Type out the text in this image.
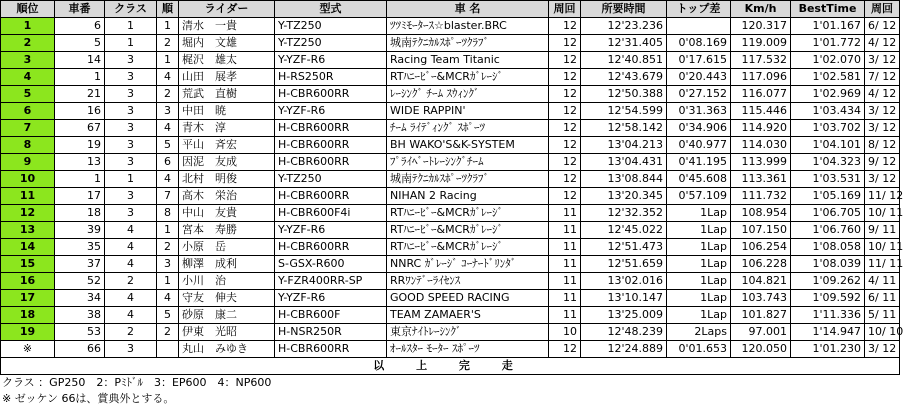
順位	車番	クラス	順	ライダー	型式	車 名	周回	所要時間	トップ差	Km/h	BestTime	周回
1	6	1	1	清水　一貴	Y-TZ250	ﾂﾂﾐﾓｰﾀｰｽ☆blaster.BRC	12	12'23.236		120.317	1'01.167	6/ 12
2	5	1	2	堀内　文雄	Y-TZ250	城南ﾃｸﾆｶﾙｽﾎﾟｰﾂｸﾗﾌﾞ	12	12'31.405	0'08.169	119.009	1'01.772	4/ 12
3	14	3	1	梶沢　雄太	Y-YZF-R6	Racing Team Titanic	12	12'40.851	0'17.615	117.532	1'02.070	3/ 12
4	1	3	4	山田　展孝	H-RS250R	RTﾊﾆｰﾋﾞｰ&MCRｶﾞﾚｰｼﾞ	12	12'43.679	0'20.443	117.096	1'02.581	7/ 12
5	21	3	2	荒武　直樹	H-CBR600RR	ﾚｰｼﾝｸﾞ ﾁｰﾑ ｽｳｨﾝｸﾞ	12	12'50.388	0'27.152	116.077	1'02.969	4/ 12
6	16	3	3	中田　暁	Y-YZF-R6	WIDE RAPPIN'	12	12'54.599	0'31.363	115.446	1'03.434	3/ 12
7	67	3	4	青木　淳	H-CBR600RR	ﾁｰﾑ ﾗｲﾃﾞｨﾝｸﾞ ｽﾎﾟｰﾂ	12	12'58.142	0'34.906	114.920	1'03.702	3/ 12
8	19	3	5	平山　斉宏	H-CBR600RR	BH WAKO'S&K-SYSTEM	12	13'04.213	0'40.977	114.030	1'04.101	8/ 12
9	13	3	6	因泥　友成	H-CBR600RR	ﾌﾟﾗｲﾍﾞｰﾄﾚｰｼﾝｸﾞﾁｰﾑ	12	13'04.431	0'41.195	113.999	1'04.323	9/ 12
10	1	1	4	北村　明俊	Y-TZ250	城南ﾃｸﾆｶﾙｽﾎﾟｰﾂｸﾗﾌﾞ	12	13'08.844	0'45.608	113.361	1'03.531	3/ 12
11	17	3	7	高木　栄治	H-CBR600RR	NIHAN 2 Racing	12	13'20.345	0'57.109	111.732	1'05.169	11/ 12
12	18	3	8	中山　友貴	H-CBR600F4i	RTﾊﾆｰﾋﾞｰ&MCRｶﾞﾚｰｼﾞ	11	12'32.352	1Lap	108.954	1'06.705	10/ 11
13	39	4	1	宮本　寿勝	Y-YZF-R6	RTﾊﾆｰﾋﾞｰ&MCRｶﾞﾚｰｼﾞ	11	12'45.022	1Lap	107.150	1'06.760	9/ 11
14	35	4	2	小原　岳	H-CBR600RR	RTﾊﾆｰﾋﾞｰ&MCRｶﾞﾚｰｼﾞ	11	12'51.473	1Lap	106.254	1'08.058	10/ 11
15	37	4	3	柳澤　成利	S-GSX-R600	NNRC ｶﾞﾚｰｼﾞ ｺｰﾅｰﾄﾞﾘﾝﾀﾞ	11	12'51.659	1Lap	106.228	1'08.039	11/ 11
16	52	2	1	小川　治	Y-FZR400RR-SP	RRﾜﾝﾃﾞｰﾗｲｾﾝｽ	11	13'02.016	1Lap	104.821	1'09.262	4/ 11
17	34	4	4	守友　伸夫	Y-YZF-R6	GOOD SPEED RACING	11	13'10.147	1Lap	103.743	1'09.592	6/ 11
18	38	4	5	砂原　康二	H-CBR600F	TEAM ZAMAER'S	11	13'25.009	1Lap	101.827	1'11.336	5/ 11
19	53	2	2	伊東　光昭	H-NSR250R	東京ﾅｲﾄﾚｰｼﾝｸﾞ	10	12'48.239	2Laps	97.001	1'14.947	10/ 10
※	66	3		丸山　みゆき	H-CBR600RR	ｵｰﾙｽﾀｰ ﾓｰﾀｰ ｽﾎﾟｰﾂ	12	12'24.889	0'01.653	120.050	1'01.230	3/ 12
以 上 完 走												
クラス ：GP250　2：Pﾐﾄﾞﾙ　3：EP600　4：NP600
※ ゼッケン 66は、賞典外とする。
